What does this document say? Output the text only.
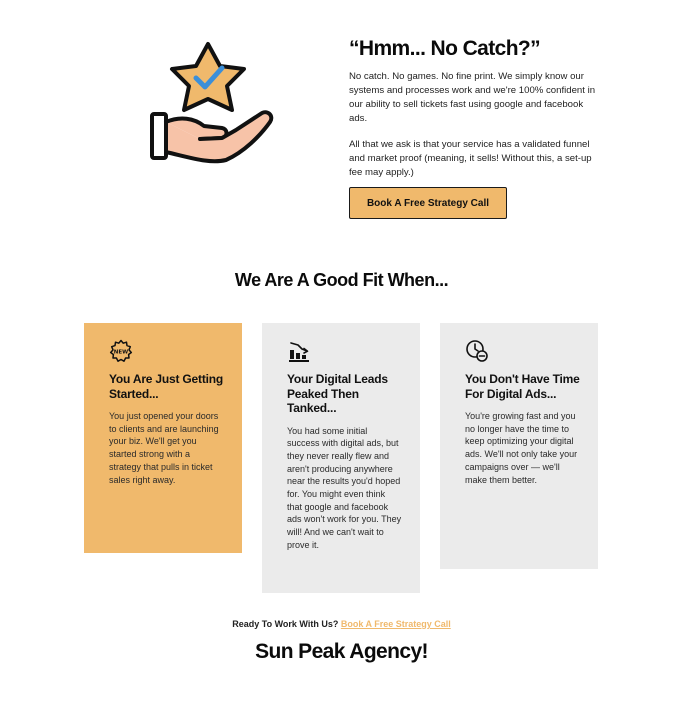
“Hmm... No Catch?”

No catch. No games. No fine print. We simply know our systems and processes work and we're 100% confident in our ability to sell tickets fast using google and facebook ads.

All that we ask is that your service has a validated funnel and market proof (meaning, it sells! Without this, a set-up fee may apply.)

Book A Free Strategy Call
We Are A Good Fit When...
NEW
You Are Just Getting Started...
You just opened your doors to clients and are launching your biz. We'll get you started strong with a strategy that pulls in ticket sales right away.
Your Digital Leads Peaked Then Tanked...
You had some initial success with digital ads, but they never really flew and aren't producing anywhere near the results you'd hoped for. You might even think that google and facebook ads won't work for you. They will! And we can't wait to prove it.
You Don't Have Time For Digital Ads...
You're growing fast and you no longer have the time to keep optimizing your digital ads. We'll not only take your campaigns over — we'll make them better.
Ready To Work With Us? Book A Free Strategy Call
Sun Peak Agency!
